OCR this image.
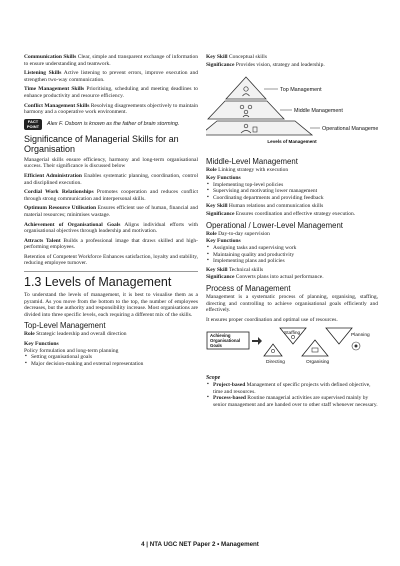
Communication Skills Clear, simple and transparent exchange of information to ensure understanding and teamwork.

Listening Skills Active listening to prevent errors, improve execution and strengthen two-way communication.

Time Management Skills Prioritising, scheduling and meeting deadlines to enhance productivity and resource efficiency.

Conflict Management Skills Resolving disagreements objectively to maintain harmony and a cooperative work environment.

FACT POINT	Alex F. Osborn is known as the father of brain storming.
Significance of Managerial Skills for an Organisation

Managerial skills ensure efficiency, harmony and long-term organisational success. Their significance is discussed below

Efficient Administration Enables systematic planning, coordination, control and disciplined execution.

Cordial Work Relationships Promotes cooperation and reduces conflict through strong communication and interpersonal skills.

Optimum Resource Utilisation Ensures efficient use of human, financial and material resources; minimises wastage.

Achievement of Organisational Goals Aligns individual efforts with organisational objectives through leadership and motivation.

Attracts Talent Builds a professional image that draws skilled and high-performing employees.

Retention of Competent Workforce Enhances satisfaction, loyalty and stability, reducing employee turnover.

1.3 Levels of Management

To understand the levels of management, it is best to visualise them as a pyramid. As you move from the bottom to the top, the number of employees decreases, but the authority and responsibility increase. Most organisations are divided into three specific levels, each requiring a different mix of the skills.

Top-Level Management

Role Strategic leadership and overall direction

Key Functions

Policy formulation and long-term planning

▪ Setting organisational goals
▪ Major decision-making and external representation

Key Skill Conceptual skills

Significance Provides vision, strategy and leadership.

Top Management
Middle Management
Operational Management
Levels of Management
Middle-Level Management

Role Linking strategy with execution

Key Functions
▪ Implementing top-level policies
▪ Supervising and motivating lower management
▪ Coordinating departments and providing feedback

Key Skill Human relations and communication skills

Significance Ensures coordination and effective strategy execution.

Operational / Lower-Level Management

Role Day-to-day supervision

Key Functions
▪ Assigning tasks and supervising work
▪ Maintaining quality and productivity
▪ Implementing plans and policies

Key Skill Technical skills

Significance Converts plans into actual performance.

Process of Management

Management is a systematic process of planning, organising, staffing, directing and controlling to achieve organisational goals efficiently and effectively.

It ensures proper coordination and optimal use of resources.

Achieving
Organisational
Goals
Staffing	Planning
Directing	Organising
Scope
▪ Project-based Management of specific projects with defined objective, time and resources.
▪ Process-based Routine managerial activities are supervised mainly by senior management and are handed over to other staff whenever necessary.
4 | NTA UGC NET Paper 2 • Management
